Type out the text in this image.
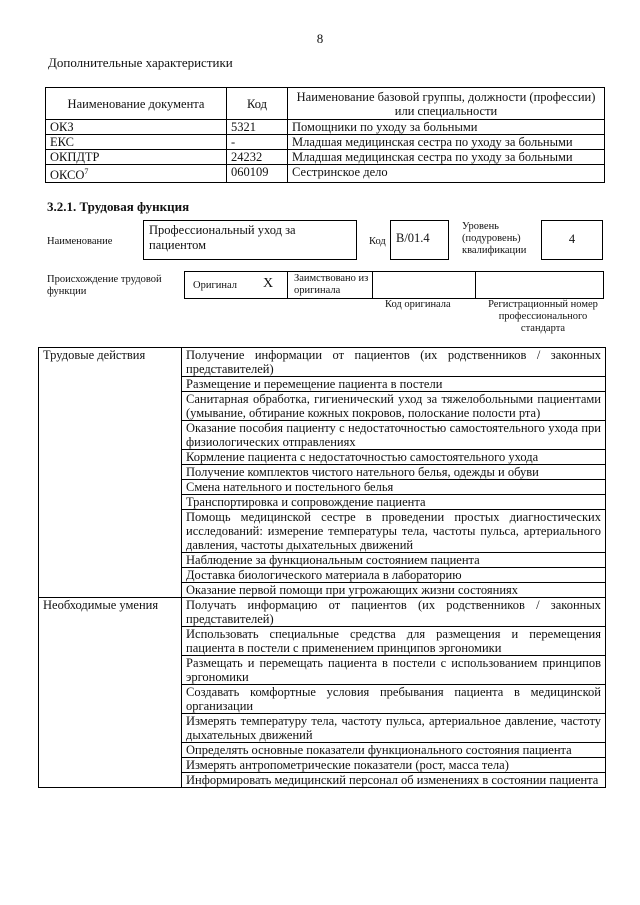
8
Дополнительные характеристики
Наименование документа	Код	Наименование базовой группы, должности (профессии) или специальности
ОКЗ	5321	Помощники по уходу за больными
ЕКС	-	Младшая медицинская сестра по уходу за больными
ОКПДТР	24232	Младшая медицинская сестра по уходу за больными
ОКСО$^7$	060109	Сестринское дело
3.2.1. Трудовая функция
Наименование
Профессиональный уход за пациентом	Код В/01.4
Уровень (подуровень) квалификации
4
Происхождение трудовой функции
Оригинал X Заимствовано из оригинала
Код оригинала	Регистрационный номер профессионального стандарта
Трудовые действия	Получение информации от пациентов (их родственников / законных представителей)
	Размещение и перемещение пациента в постели
	Санитарная обработка, гигиенический уход за тяжелобольными пациентами (умывание, обтирание кожных покровов, полоскание полости рта)
	Оказание пособия пациенту с недостаточностью самостоятельного ухода при физиологических отправлениях
	Кормление пациента с недостаточностью самостоятельного ухода
	Получение комплектов чистого нательного белья, одежды и обуви
	Смена нательного и постельного белья
	Транспортировка и сопровождение пациента
	Помощь медицинской сестре в проведении простых диагностических исследований: измерение температуры тела, частоты пульса, артериального давления, частоты дыхательных движений
	Наблюдение за функциональным состоянием пациента
	Доставка биологического материала в лабораторию
	Оказание первой помощи при угрожающих жизни состояниях
Необходимые умения	Получать информацию от пациентов (их родственников / законных представителей)
	Использовать специальные средства для размещения и перемещения пациента в постели с применением принципов эргономики
	Размещать и перемещать пациента в постели с использованием принципов эргономики
	Создавать комфортные условия пребывания пациента в медицинской организации
	Измерять температуру тела, частоту пульса, артериальное давление, частоту дыхательных движений
	Определять основные показатели функционального состояния пациента
	Измерять антропометрические показатели (рост, масса тела)
	Информировать медицинский персонал об изменениях в состоянии пациента
